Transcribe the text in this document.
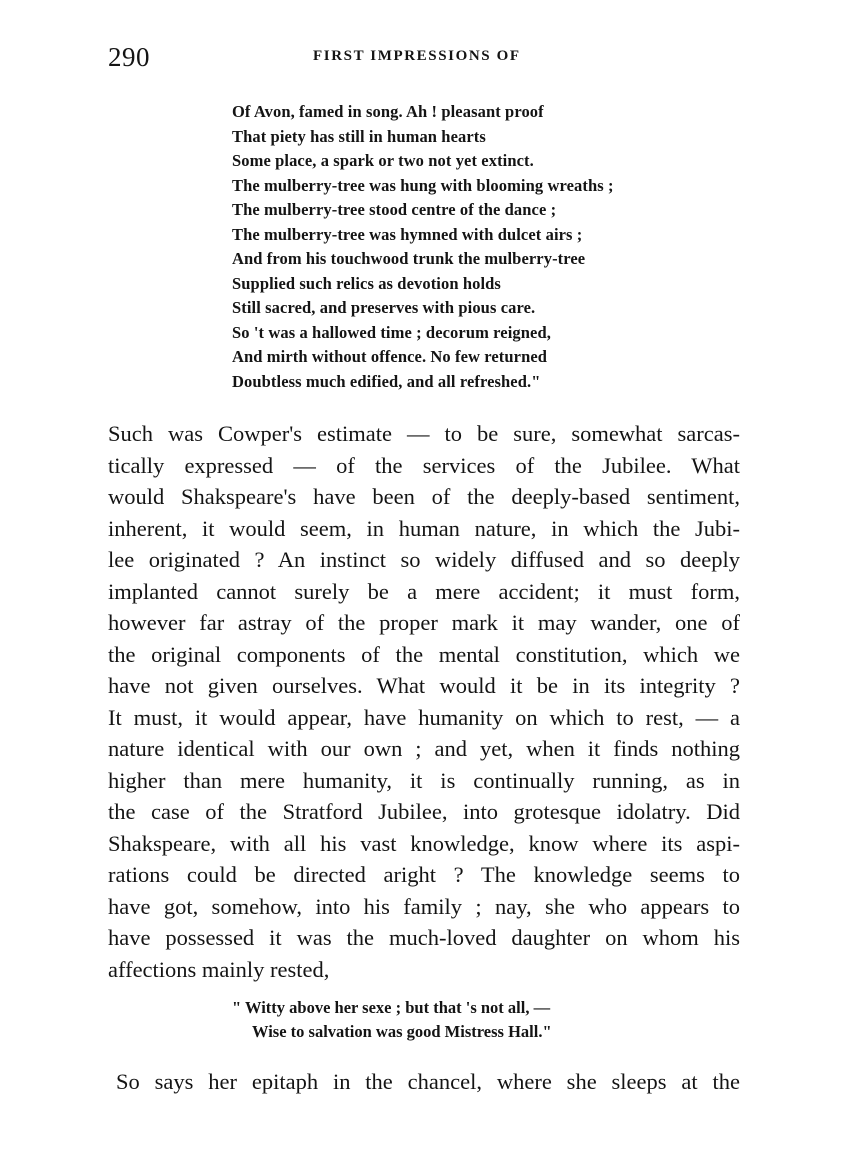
290	FIRST IMPRESSIONS OF
Of Avon, famed in song. Ah ! pleasant proof
That piety has still in human hearts
Some place, a spark or two not yet extinct.
The mulberry-tree was hung with blooming wreaths ;
The mulberry-tree stood centre of the dance ;
The mulberry-tree was hymned with dulcet airs ;
And from his touchwood trunk the mulberry-tree
Supplied such relics as devotion holds
Still sacred, and preserves with pious care.
So 't was a hallowed time ; decorum reigned,
And mirth without offence. No few returned
Doubtless much edified, and all refreshed."
Such was Cowper's estimate — to be sure, somewhat sarcas-
tically expressed — of the services of the Jubilee. What
would Shakspeare's have been of the deeply-based sentiment,
inherent, it would seem, in human nature, in which the Jubi-
lee originated ? An instinct so widely diffused and so deeply
implanted cannot surely be a mere accident; it must form,
however far astray of the proper mark it may wander, one of
the original components of the mental constitution, which we
have not given ourselves. What would it be in its integrity ?
It must, it would appear, have humanity on which to rest, — a
nature identical with our own ; and yet, when it finds nothing
higher than mere humanity, it is continually running, as in
the case of the Stratford Jubilee, into grotesque idolatry. Did
Shakspeare, with all his vast knowledge, know where its aspi-
rations could be directed aright ? The knowledge seems to
have got, somehow, into his family ; nay, she who appears to
have possessed it was the much-loved daughter on whom his
affections mainly rested,
" Witty above her sexe ; but that 's not all, —
Wise to salvation was good Mistress Hall."
So says her epitaph in the chancel, where she sleeps at the
